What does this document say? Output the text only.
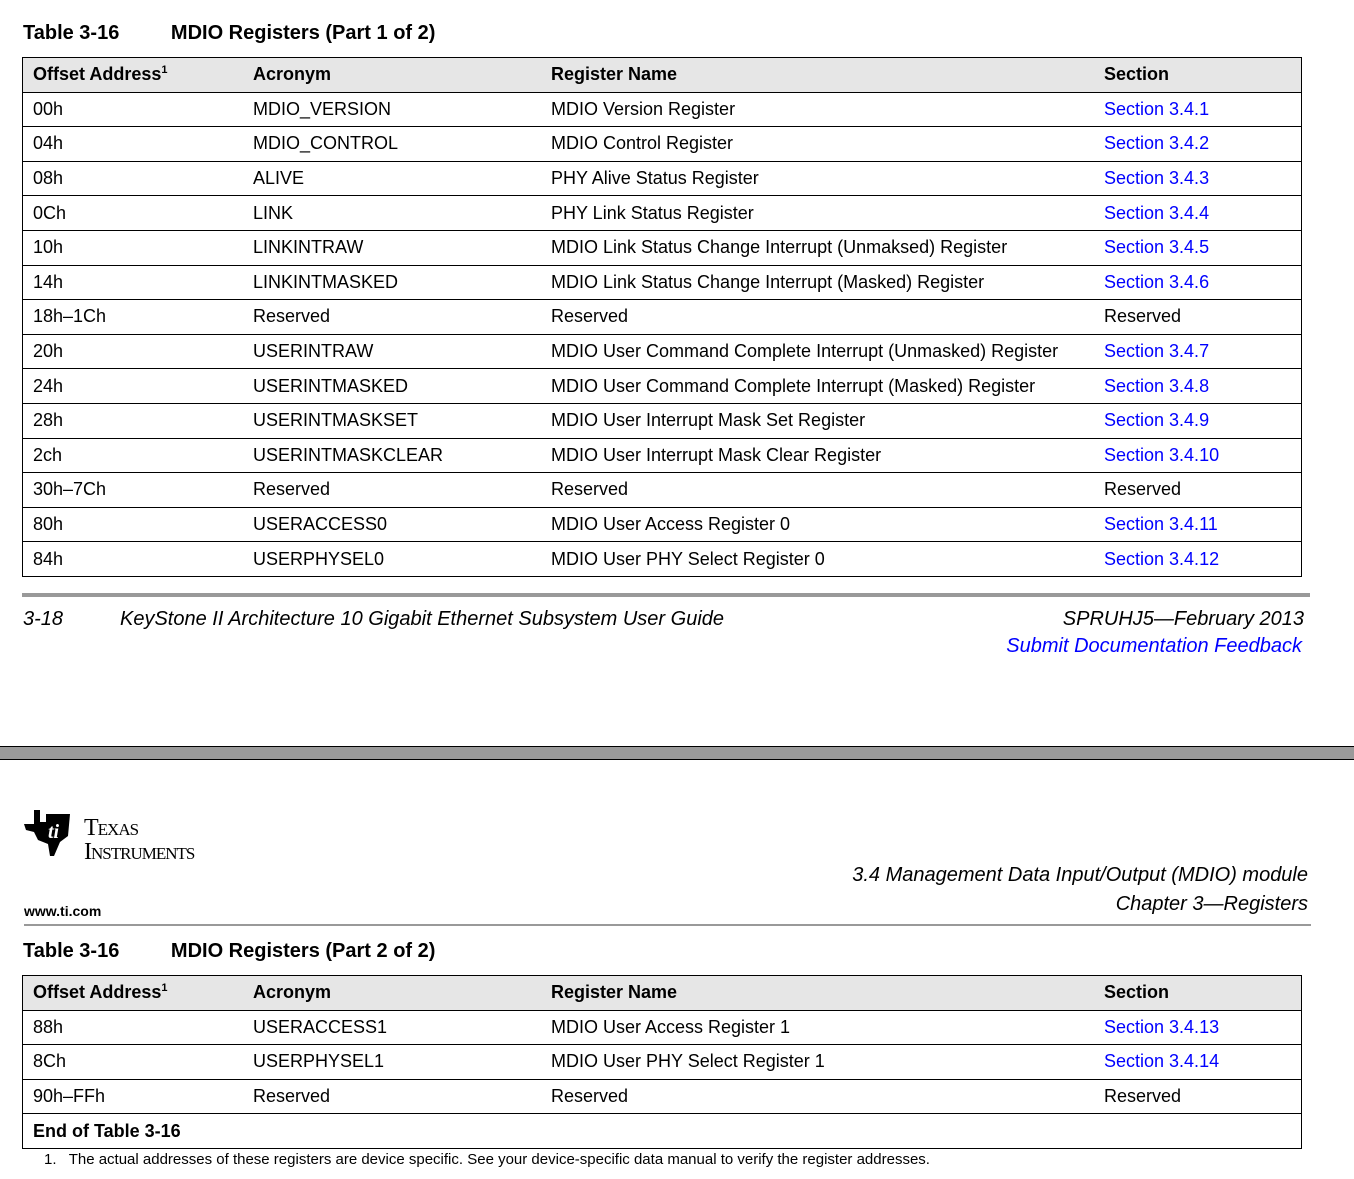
Table 3-16	MDIO Registers (Part 1 of 2)
Offset Address$^1$	Acronym	Register Name	Section
00h	MDIO_VERSION	MDIO Version Register	Section 3.4.1
04h	MDIO_CONTROL	MDIO Control Register	Section 3.4.2
08h	ALIVE	PHY Alive Status Register	Section 3.4.3
0Ch	LINK	PHY Link Status Register	Section 3.4.4
10h	LINKINTRAW	MDIO Link Status Change Interrupt (Unmaksed) Register	Section 3.4.5
14h	LINKINTMASKED	MDIO Link Status Change Interrupt (Masked) Register	Section 3.4.6
18h–1Ch	Reserved	Reserved	Reserved
20h	USERINTRAW	MDIO User Command Complete Interrupt (Unmasked) Register	Section 3.4.7
24h	USERINTMASKED	MDIO User Command Complete Interrupt (Masked) Register	Section 3.4.8
28h	USERINTMASKSET	MDIO User Interrupt Mask Set Register	Section 3.4.9
2ch	USERINTMASKCLEAR	MDIO User Interrupt Mask Clear Register	Section 3.4.10
30h–7Ch	Reserved	Reserved	Reserved
80h	USERACCESS0	MDIO User Access Register 0	Section 3.4.11
84h	USERPHYSEL0	MDIO User PHY Select Register 0	Section 3.4.12
3-18	KeyStone II Architecture 10 Gigabit Ethernet Subsystem User Guide	SPRUHJ5—February 2013
Submit Documentation Feedback
ti Texas
Instruments
www.ti.com
3.4 Management Data Input/Output (MDIO) module
Chapter 3—Registers
Table 3-16	MDIO Registers (Part 2 of 2)
Offset Address$^1$	Acronym	Register Name	Section
88h	USERACCESS1	MDIO User Access Register 1	Section 3.4.13
8Ch	USERPHYSEL1	MDIO User PHY Select Register 1	Section 3.4.14
90h–FFh	Reserved	Reserved	Reserved
End of Table 3-16			
1. The actual addresses of these registers are device specific. See your device-specific data manual to verify the register addresses.
